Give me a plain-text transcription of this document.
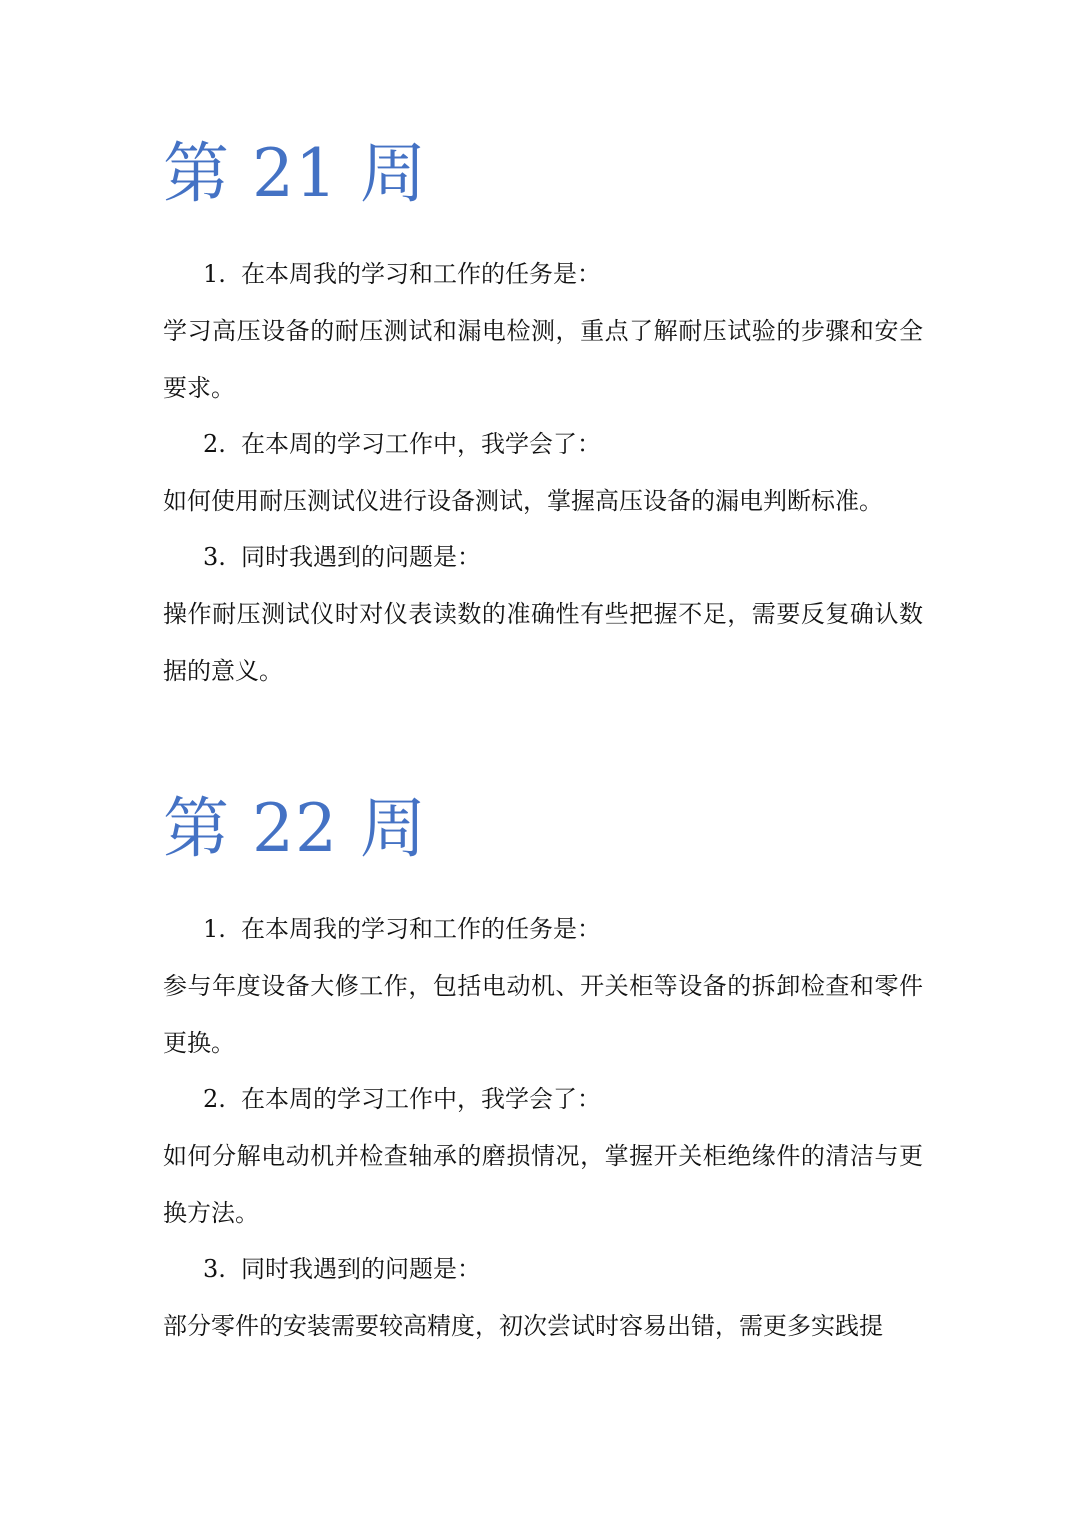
第 21 周

1. 在本周我的学习和工作的任务是：

学习高压设备的耐压测试和漏电检测，重点了解耐压试验的步骤和安全要求。

2. 在本周的学习工作中，我学会了：

如何使用耐压测试仪进行设备测试，掌握高压设备的漏电判断标准。

3. 同时我遇到的问题是：

操作耐压测试仪时对仪表读数的准确性有些把握不足，需要反复确认数据的意义。

第 22 周

1. 在本周我的学习和工作的任务是：

参与年度设备大修工作，包括电动机、开关柜等设备的拆卸检查和零件更换。

2. 在本周的学习工作中，我学会了：

如何分解电动机并检查轴承的磨损情况，掌握开关柜绝缘件的清洁与更换方法。

3. 同时我遇到的问题是：

部分零件的安装需要较高精度，初次尝试时容易出错，需更多实践提
